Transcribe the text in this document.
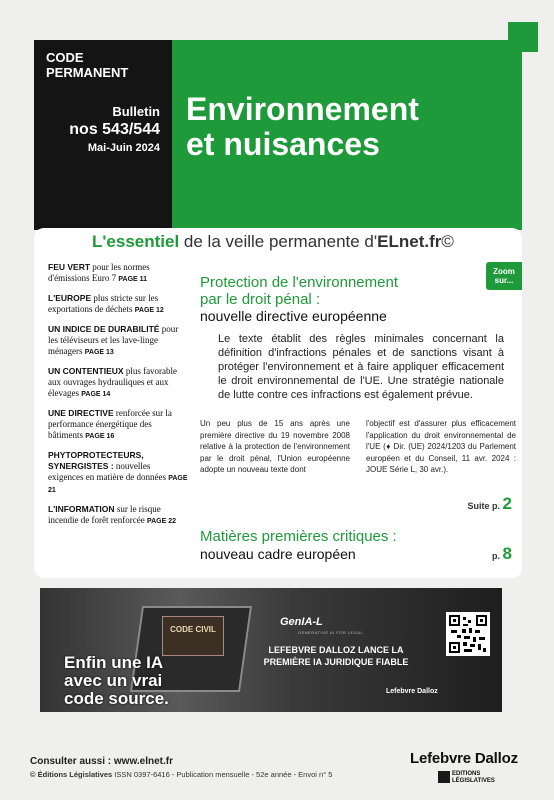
CODE PERMANENT
Bulletin
nos 543/544
Mai-Juin 2024
Environnement
et nuisances
L'essentiel de la veille permanente d'ELnet.fr©
FEU VERT pour les normes d'émissions Euro 7 PAGE 11
L'EUROPE plus stricte sur les exportations de déchets PAGE 12
UN INDICE DE DURABILITÉ pour les téléviseurs et les lave-linge ménagers PAGE 13
UN CONTENTIEUX plus favorable aux ouvrages hydrauliques et aux élevages PAGE 14
UNE DIRECTIVE renforcée sur la performance énergétique des bâtiments PAGE 16
PHYTOPROTECTEURS, SYNERGISTES : nouvelles exigences en matière de données PAGE 21
L'INFORMATION sur le risque incendie de forêt renforcée PAGE 22
Zoom
sur...
Protection de l'environnement
par le droit pénal :
nouvelle directive européenne
Le texte établit des règles minimales concernant la définition d'infractions pénales et de sanctions visant à protéger l'environnement et à faire appliquer efficacement le droit environnemental de l'UE. Une stratégie nationale de lutte contre ces infractions est également prévue.
Un peu plus de 15 ans après une première directive du 19 novembre 2008 relative à la protection de l'environnement par le droit pénal, l'Union européenne adopte un nouveau texte dont
l'objectif est d'assurer plus efficacement l'application du droit environnemental de l'UE (♦ Dir. (UE) 2024/1203 du Parlement européen et du Conseil, 11 avr. 2024 : JOUE Série L, 30 avr.).
Suite p. 2
Matières premières critiques :
nouveau cadre européen	p. 8
CODE CIVIL
Enfin une IA avec un vrai code source.
GenIA-L
GENERATIVE AI FOR LEGAL
LEFEBVRE DALLOZ LANCE LA PREMIÈRE IA JURIDIQUE FIABLE
Lefebvre Dalloz
Consulter aussi : www.elnet.fr
© Éditions Législatives ISSN 0397-6416 - Publication mensuelle - 52e année - Envoi n° 5
Lefebvre Dalloz
EDITIONS
LÉGISLATIVES
